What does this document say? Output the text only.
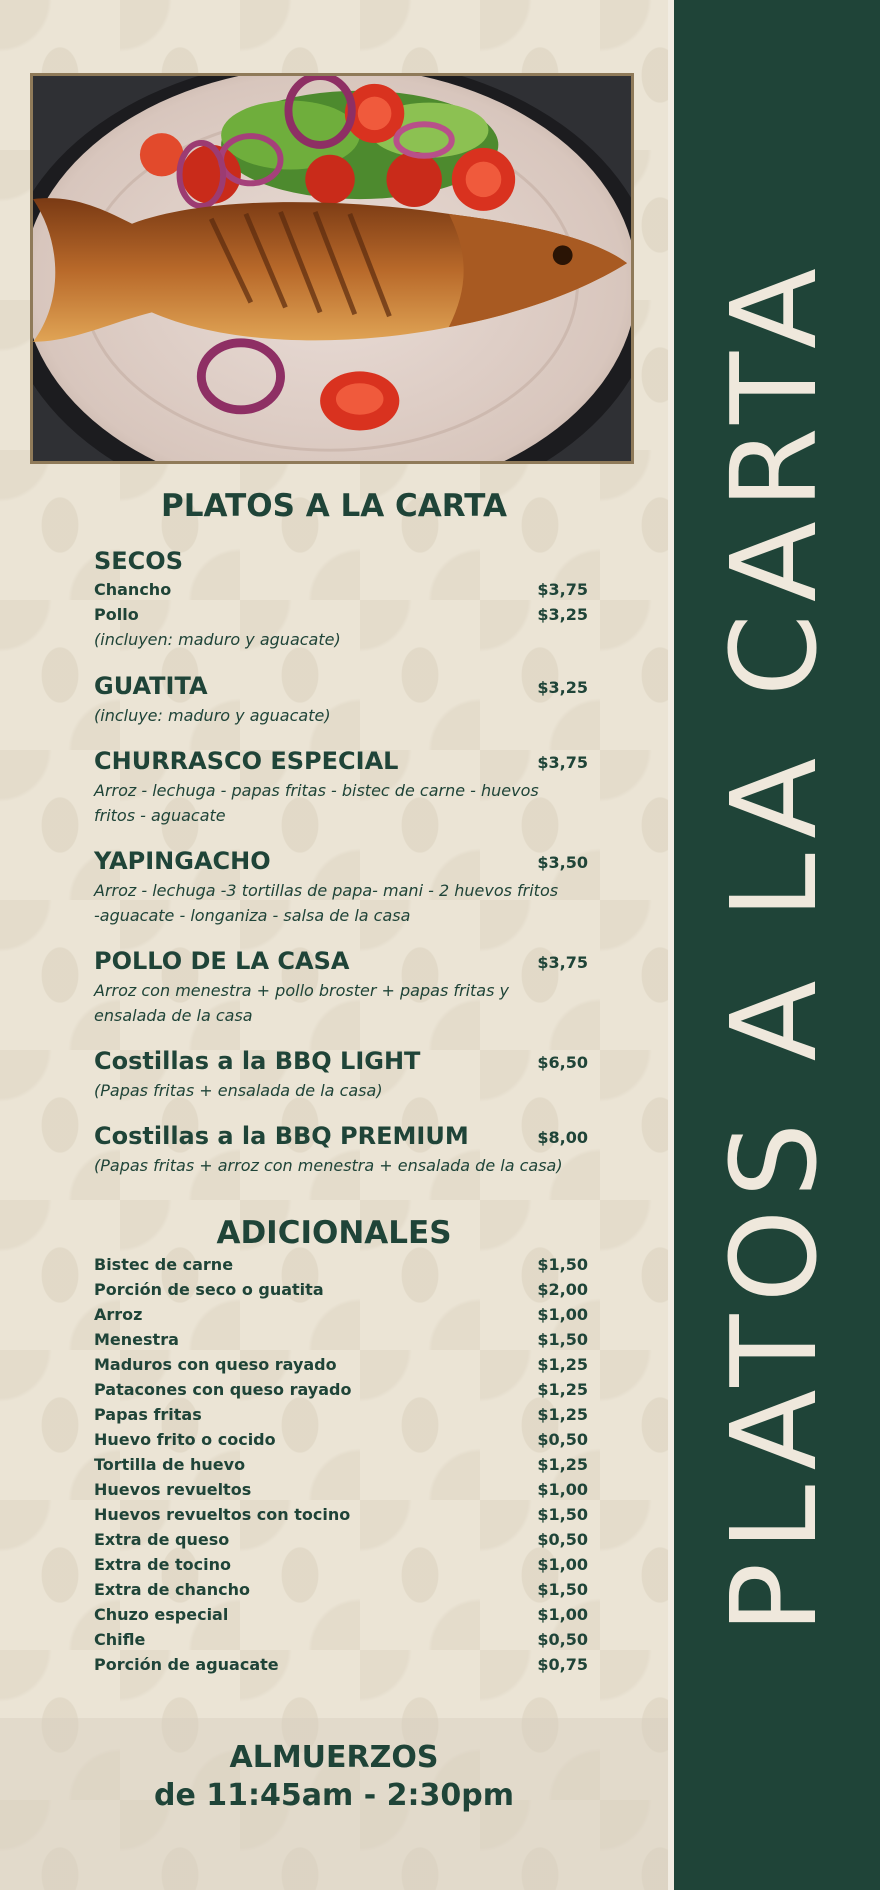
PLATOS A LA CARTA
PLATOS A LA CARTA
SECOS
Chancho	$3,75
Pollo	$3,25
(incluyen: maduro y aguacate)
GUATITA	$3,25
(incluye: maduro y aguacate)
CHURRASCO ESPECIAL	$3,75
Arroz - lechuga - papas fritas - bistec de carne - huevos
fritos - aguacate
YAPINGACHO	$3,50
Arroz - lechuga -3 tortillas de papa- mani - 2 huevos fritos
-aguacate - longaniza - salsa de la casa
POLLO DE LA CASA	$3,75
Arroz con menestra + pollo broster + papas fritas y
ensalada de la casa
Costillas a la BBQ LIGHT	$6,50
(Papas fritas + ensalada de la casa)
Costillas a la BBQ PREMIUM	$8,00
(Papas fritas + arroz con menestra + ensalada de la casa)
ADICIONALES
Bistec de carne	$1,50
Porción de seco o guatita	$2,00
Arroz	$1,00
Menestra	$1,50
Maduros con queso rayado	$1,25
Patacones con queso rayado	$1,25
Papas fritas	$1,25
Huevo frito o cocido	$0,50
Tortilla de huevo	$1,25
Huevos revueltos	$1,00
Huevos revueltos con tocino	$1,50
Extra de queso	$0,50
Extra de tocino	$1,00
Extra de chancho	$1,50
Chuzo especial	$1,00
Chifle	$0,50
Porción de aguacate	$0,75
ALMUERZOS
de 11:45am - 2:30pm
